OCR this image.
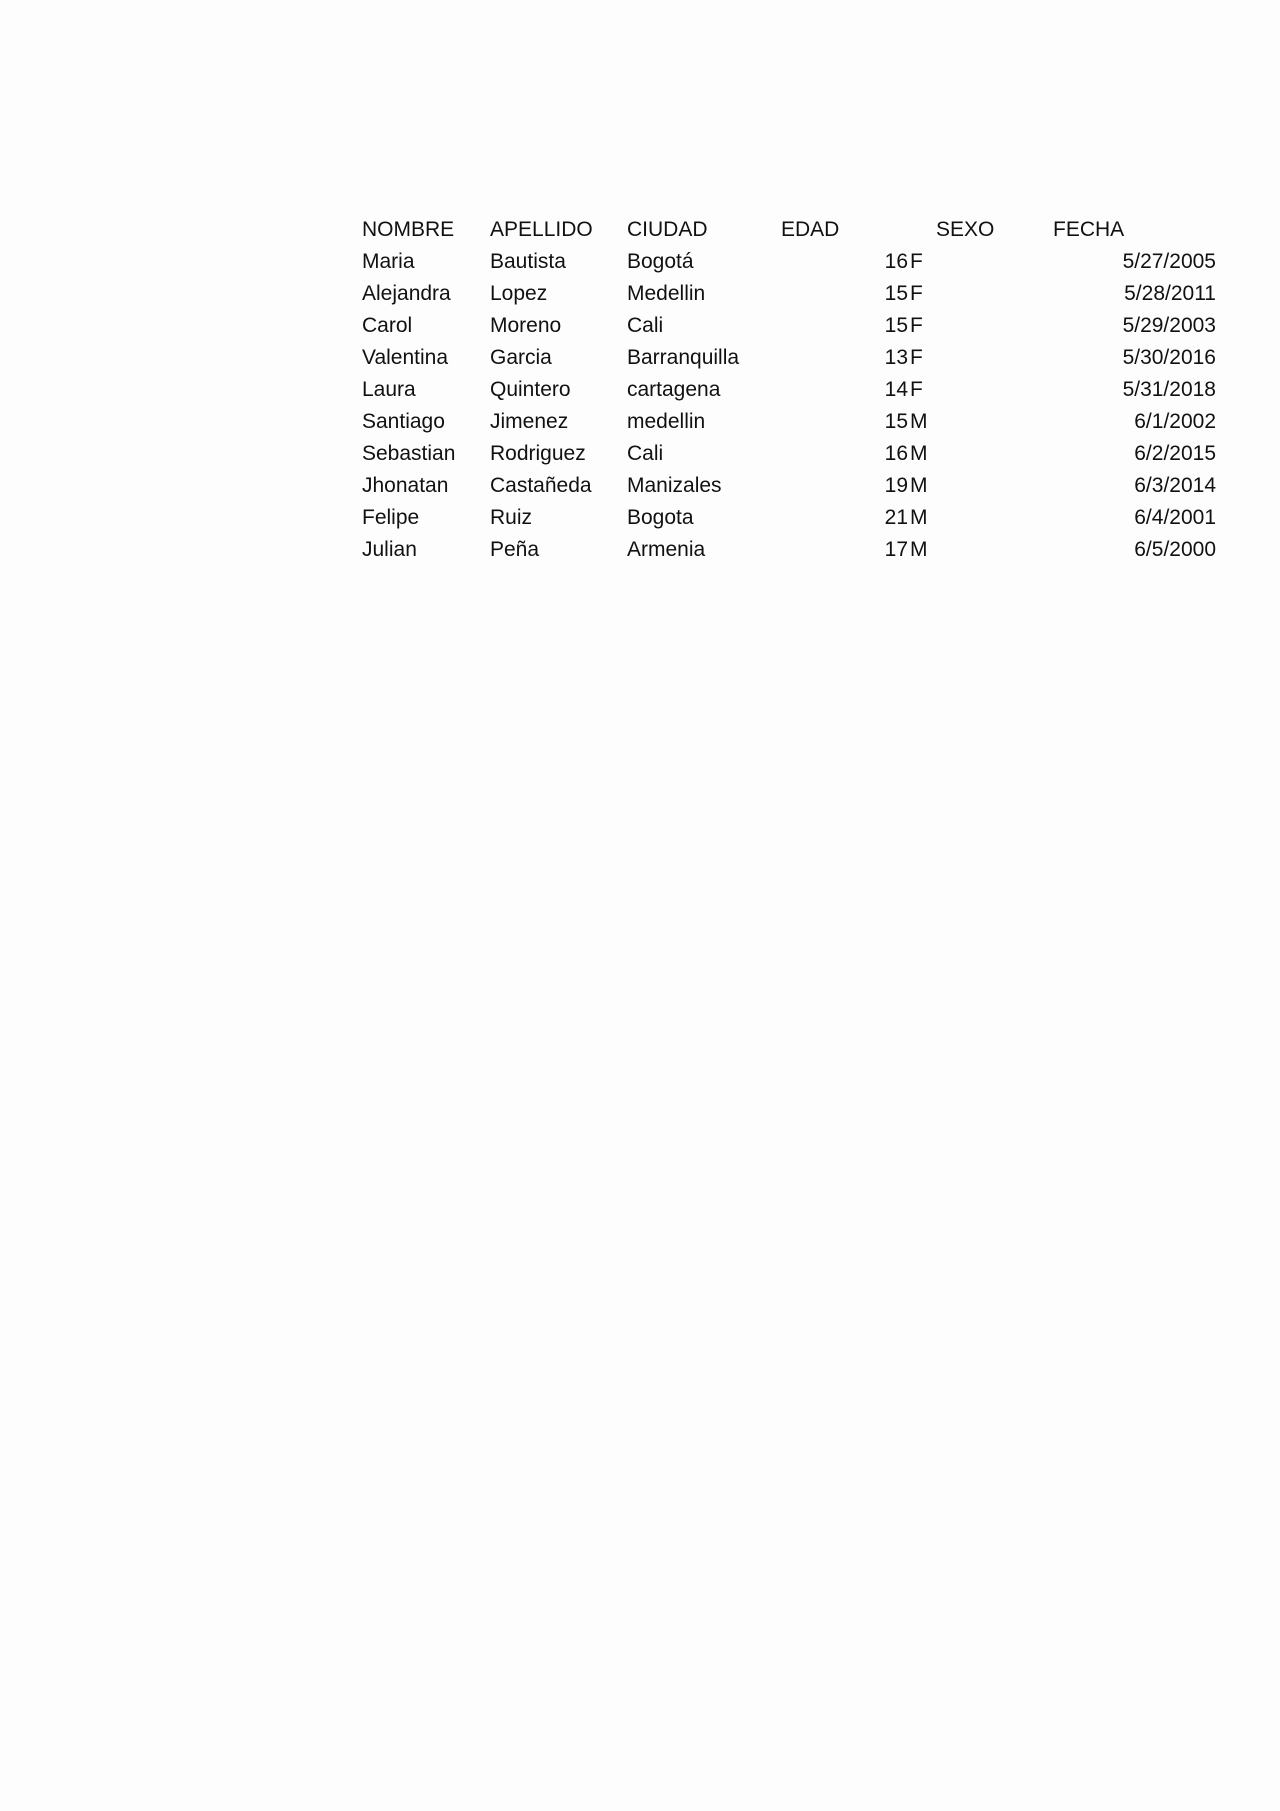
NOMBRE	APELLIDO	CIUDAD	EDAD	SEXO	FECHA
Maria	Bautista	Bogotá	16	F	5/27/2005
Alejandra	Lopez	Medellin	15	F	5/28/2011
Carol	Moreno	Cali	15	F	5/29/2003
Valentina	Garcia	Barranquilla	13	F	5/30/2016
Laura	Quintero	cartagena	14	F	5/31/2018
Santiago	Jimenez	medellin	15	M	6/1/2002
Sebastian	Rodriguez	Cali	16	M	6/2/2015
Jhonatan	Castañeda	Manizales	19	M	6/3/2014
Felipe	Ruiz	Bogota	21	M	6/4/2001
Julian	Peña	Armenia	17	M	6/5/2000
